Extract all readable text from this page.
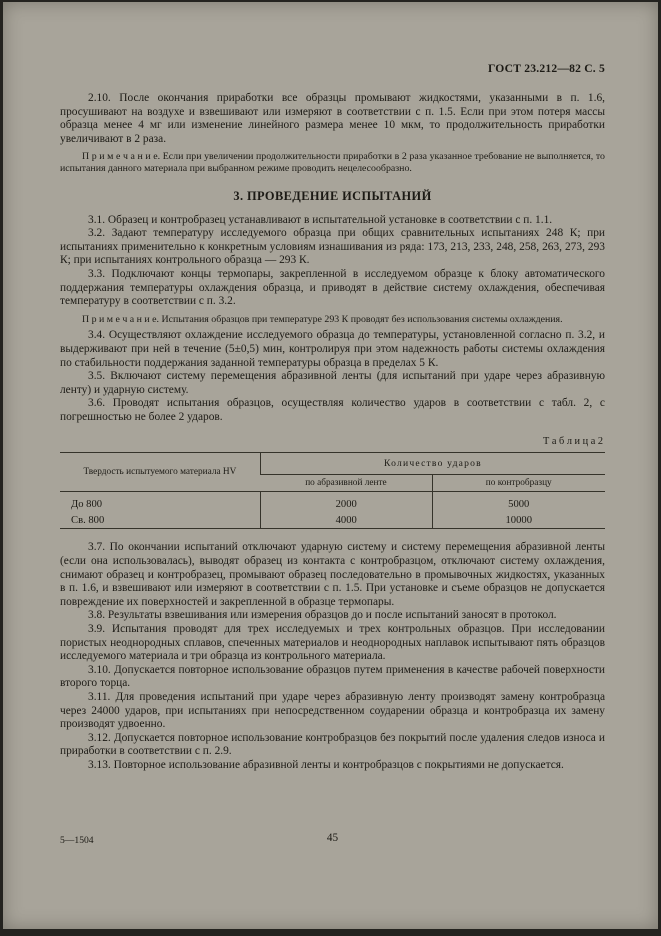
ГОСТ 23.212—82 С. 5

2.10. После окончания приработки все образцы промывают жидкостями, указанными в п. 1.6, просушивают на воздухе и взвешивают или измеряют в соответствии с п. 1.5. Если при этом потеря массы образца менее 4 мг или изменение линейного размера менее 10 мкм, то продолжительность приработки увеличивают в 2 раза.

П р и м е ч а н и е. Если при увеличении продолжительности приработки в 2 раза указанное требование не выполняется, то испытания данного материала при выбранном режиме проводить нецелесообразно.

3. ПРОВЕДЕНИЕ ИСПЫТАНИЙ

3.1. Образец и контробразец устанавливают в испытательной установке в соответствии с п. 1.1.

3.2. Задают температуру исследуемого образца при общих сравнительных испытаниях 248 К; при испытаниях применительно к конкретным условиям изнашивания из ряда: 173, 213, 233, 248, 258, 263, 273, 293 К; при испытаниях контрольного образца — 293 К.

3.3. Подключают концы термопары, закрепленной в исследуемом образце к блоку автоматического поддержания температуры охлаждения образца, и приводят в действие систему охлаждения, обеспечивая температуру в соответствии с п. 3.2.

П р и м е ч а н и е. Испытания образцов при температуре 293 К проводят без использования системы охлаждения.

3.4. Осуществляют охлаждение исследуемого образца до температуры, установленной согласно п. 3.2, и выдерживают при ней в течение (5±0,5) мин, контролируя при этом надежность работы системы охлаждения по стабильности поддержания заданной температуры образца в пределах 5 К.

3.5. Включают систему перемещения абразивной ленты (для испытаний при ударе через абразивную ленту) и ударную систему.

3.6. Проводят испытания образцов, осуществляя количество ударов в соответствии с табл. 2, с погрешностью не более 2 ударов.

Т а б л и ц а 2
Твердость испытуемого материала HV	Количество ударов	
	по абразивной ленте	по контробразцу
До 800	2000	5000
Св. 800	4000	10000

3.7. По окончании испытаний отключают ударную систему и систему перемещения абразивной ленты (если она использовалась), выводят образец из контакта с контробразцом, отключают систему охлаждения, снимают образец и контробразец, промывают образец последовательно в промывочных жидкостях, указанных в п. 1.6, и взвешивают или измеряют в соответствии с п. 1.5. При установке и съеме образцов не допускается повреждение их поверхностей и закрепленной в образце термопары.

3.8. Результаты взвешивания или измерения образцов до и после испытаний заносят в протокол.

3.9. Испытания проводят для трех исследуемых и трех контрольных образцов. При исследовании пористых неоднородных сплавов, спеченных материалов и неоднородных наплавок испытывают пять образцов исследуемого материала и три образца из контрольного материала.

3.10. Допускается повторное использование образцов путем применения в качестве рабочей поверхности второго торца.

3.11. Для проведения испытаний при ударе через абразивную ленту производят замену контробразца через 24000 ударов, при испытаниях при непосредственном соударении образца и контробразца их замену производят удвоенно.

3.12. Допускается повторное использование контробразцов без покрытий после удаления следов износа и приработки в соответствии с п. 2.9.

3.13. Повторное использование абразивной ленты и контробразцов с покрытиями не допускается.

5—1504	45
